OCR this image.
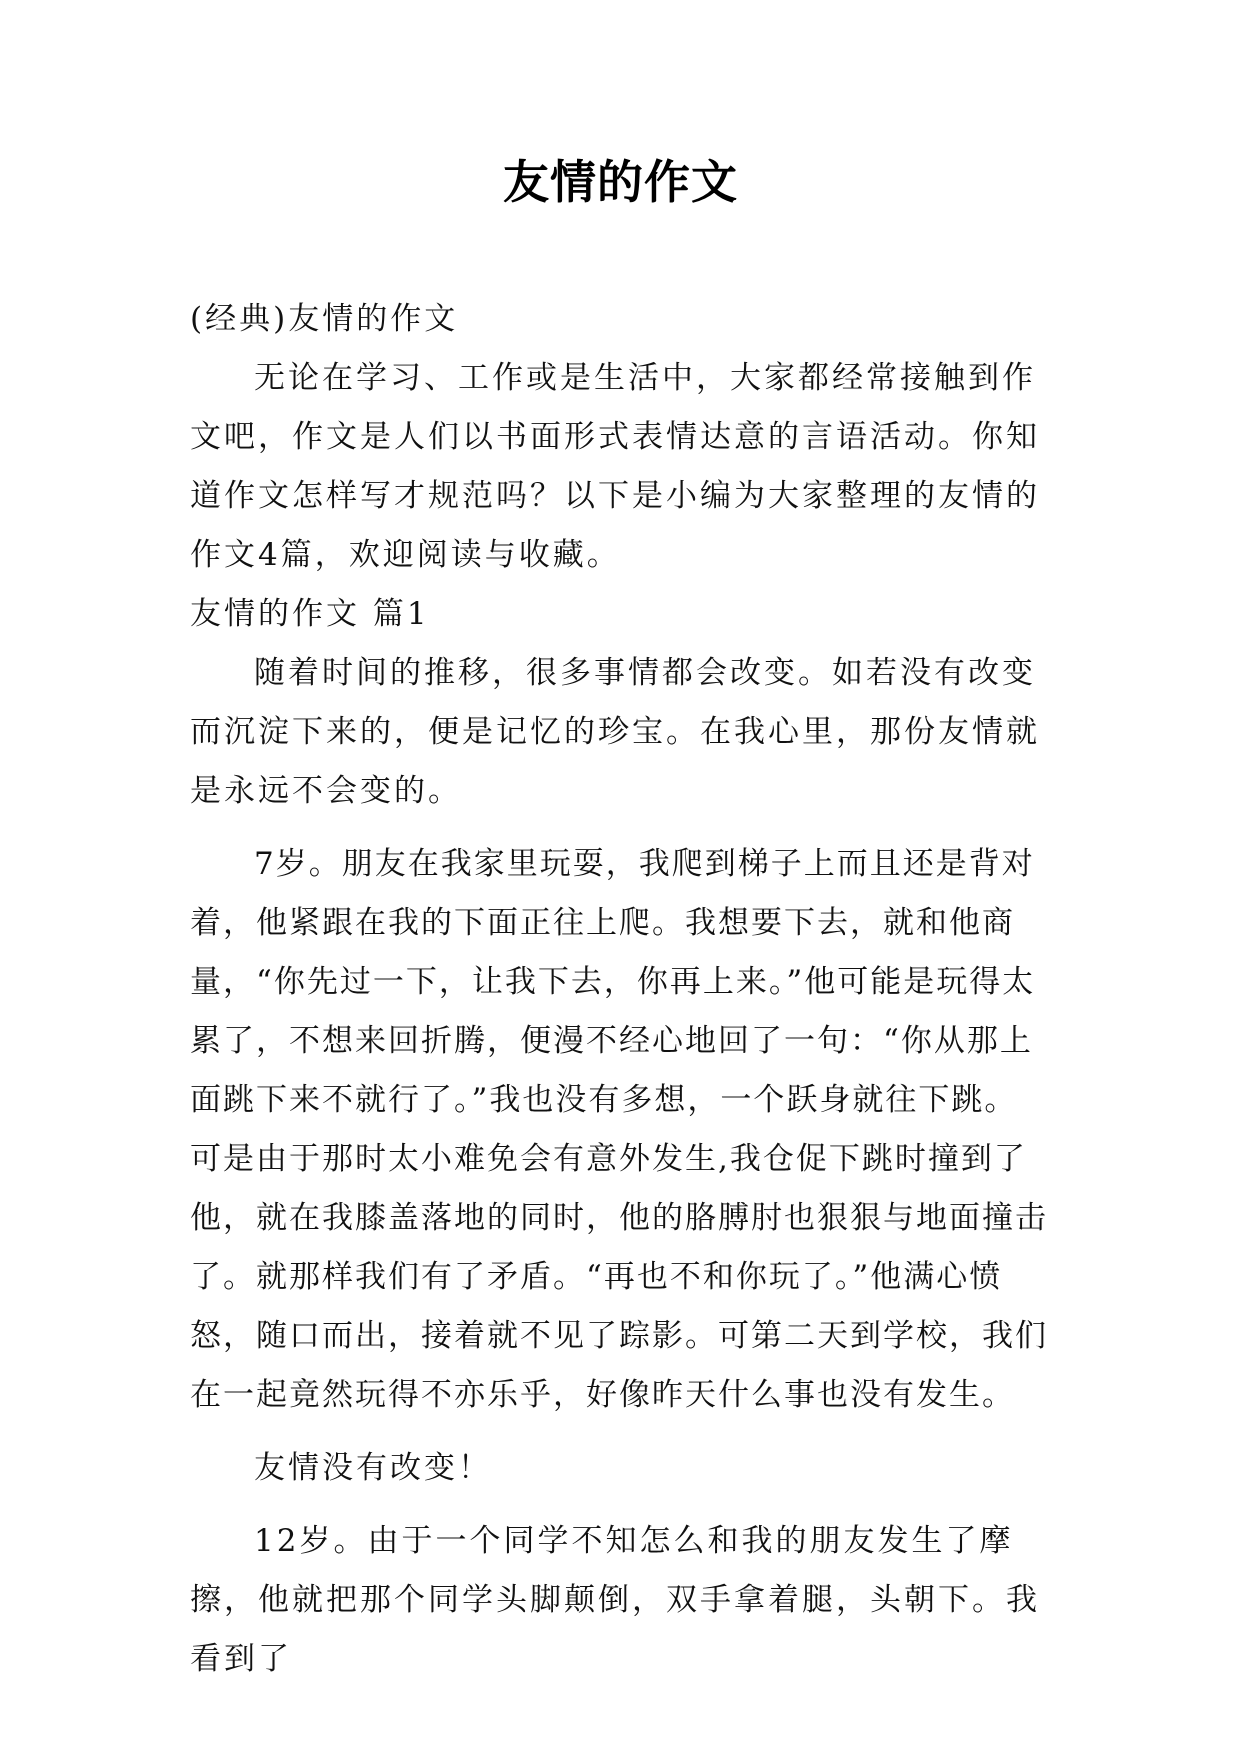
友情的作文

(经典)友情的作文

无论在学习、工作或是生活中，大家都经常接触到作文吧，作文是人们以书面形式表情达意的言语活动。你知道作文怎样写才规范吗？以下是小编为大家整理的友情的作文4篇，欢迎阅读与收藏。

友情的作文 篇1

随着时间的推移，很多事情都会改变。如若没有改变而沉淀下来的，便是记忆的珍宝。在我心里，那份友情就是永远不会变的。

7岁。朋友在我家里玩耍，我爬到梯子上而且还是背对着，他紧跟在我的下面正往上爬。我想要下去，就和他商量，“你先过一下，让我下去，你再上来。”他可能是玩得太累了，不想来回折腾，便漫不经心地回了一句：“你从那上面跳下来不就行了。”我也没有多想，一个跃身就往下跳。可是由于那时太小难免会有意外发生,我仓促下跳时撞到了他，就在我膝盖落地的同时，他的胳膊肘也狠狠与地面撞击了。就那样我们有了矛盾。“再也不和你玩了。”他满心愤怒，随口而出，接着就不见了踪影。可第二天到学校，我们在一起竟然玩得不亦乐乎，好像昨天什么事也没有发生。

友情没有改变！

12岁。由于一个同学不知怎么和我的朋友发生了摩擦，他就把那个同学头脚颠倒，双手拿着腿，头朝下。我看到了
